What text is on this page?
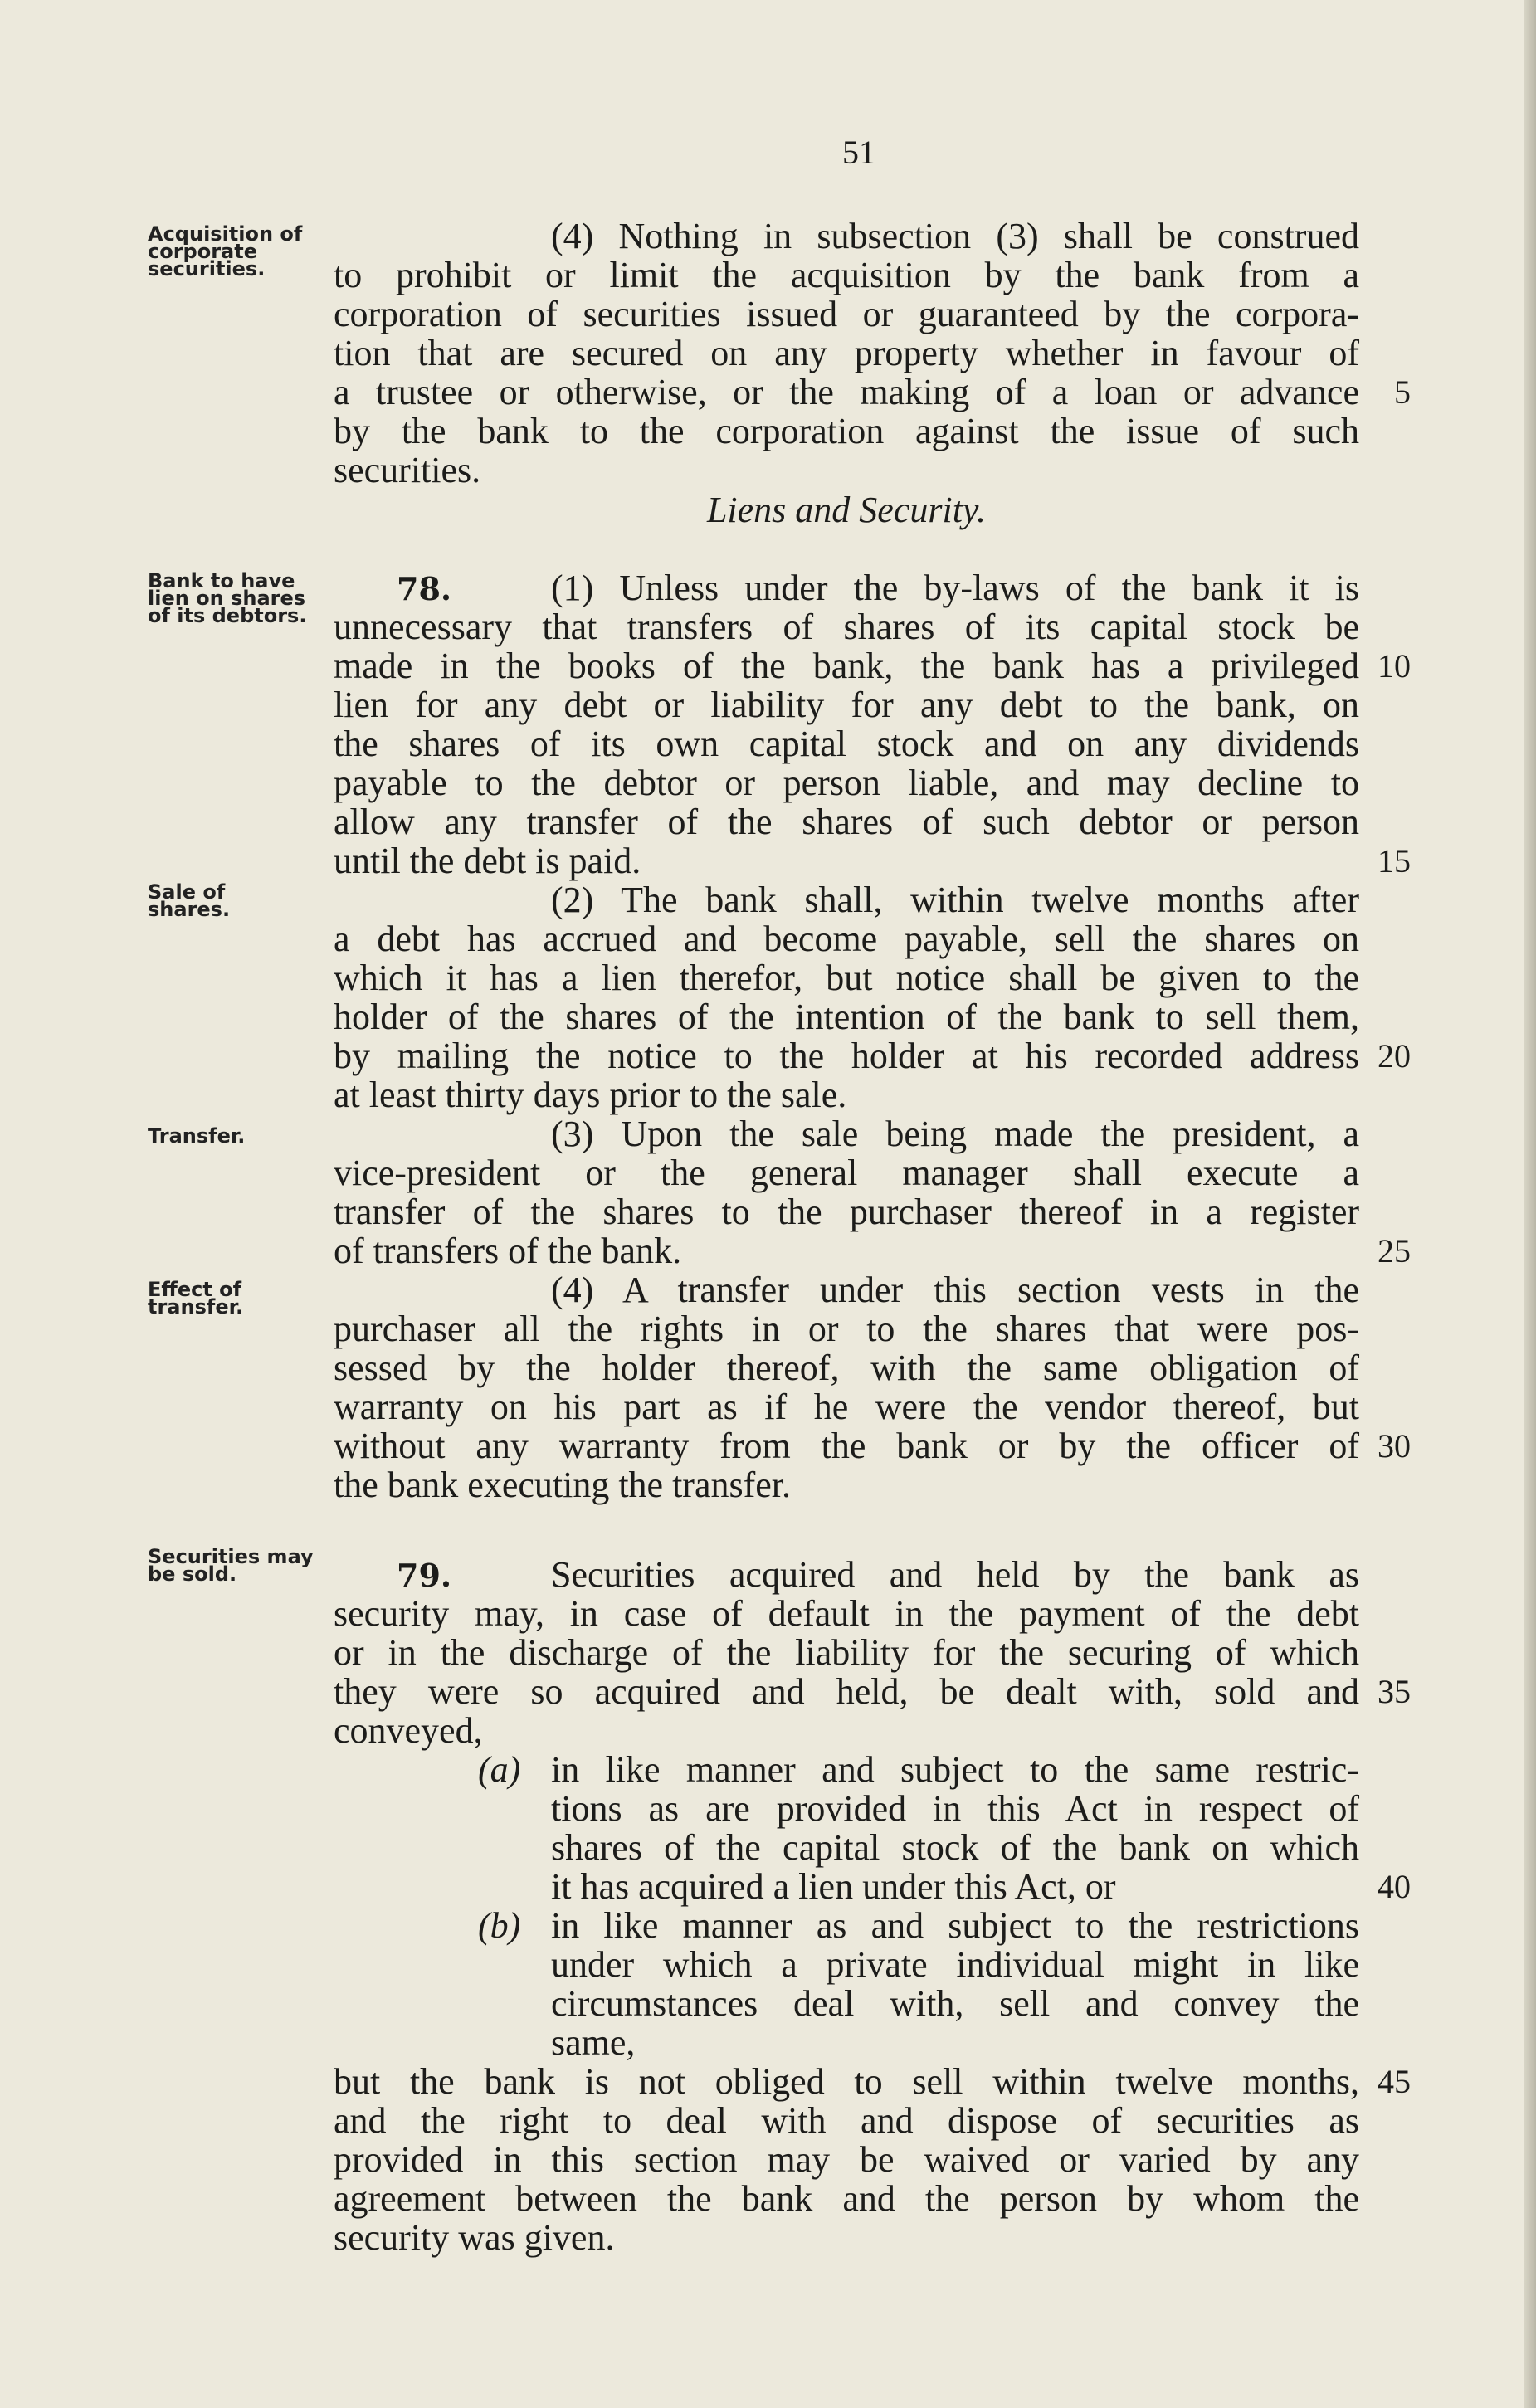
51
Acquisition of corporate securities.
Bank to have lien on shares of its debtors.
Sale of shares.
Transfer.
Effect of transfer.
Securities may be sold.
(4) Nothing in subsection (3) shall be construed
to prohibit or limit the acquisition by the bank from a
corporation of securities issued or guaranteed by the corpora-
tion that are secured on any property whether in favour of
a trustee or otherwise, or the making of a loan or advance
by the bank to the corporation against the issue of such
securities.
Liens and Security.
78.	(1) Unless under the by-laws of the bank it is
unnecessary that transfers of shares of its capital stock be
made in the books of the bank, the bank has a privileged
lien for any debt or liability for any debt to the bank, on
the shares of its own capital stock and on any dividends
payable to the debtor or person liable, and may decline to
allow any transfer of the shares of such debtor or person
until the debt is paid.
(2) The bank shall, within twelve months after
a debt has accrued and become payable, sell the shares on
which it has a lien therefor, but notice shall be given to the
holder of the shares of the intention of the bank to sell them,
by mailing the notice to the holder at his recorded address
at least thirty days prior to the sale.
(3) Upon the sale being made the president, a
vice-president or the general manager shall execute a
transfer of the shares to the purchaser thereof in a register
of transfers of the bank.
(4) A transfer under this section vests in the
purchaser all the rights in or to the shares that were pos-
sessed by the holder thereof, with the same obligation of
warranty on his part as if he were the vendor thereof, but
without any warranty from the bank or by the officer of
the bank executing the transfer.
79.	Securities acquired and held by the bank as
security may, in case of default in the payment of the debt
or in the discharge of the liability for the securing of which
they were so acquired and held, be dealt with, sold and
conveyed,
(a) in like manner and subject to the same restric-
tions as are provided in this Act in respect of
shares of the capital stock of the bank on which
it has acquired a lien under this Act, or
(b) in like manner as and subject to the restrictions
under which a private individual might in like
circumstances deal with, sell and convey the
same,
but the bank is not obliged to sell within twelve months,
and the right to deal with and dispose of securities as
provided in this section may be waived or varied by any
agreement between the bank and the person by whom the
security was given.
5
10
15
20
25
30
35
40
45
